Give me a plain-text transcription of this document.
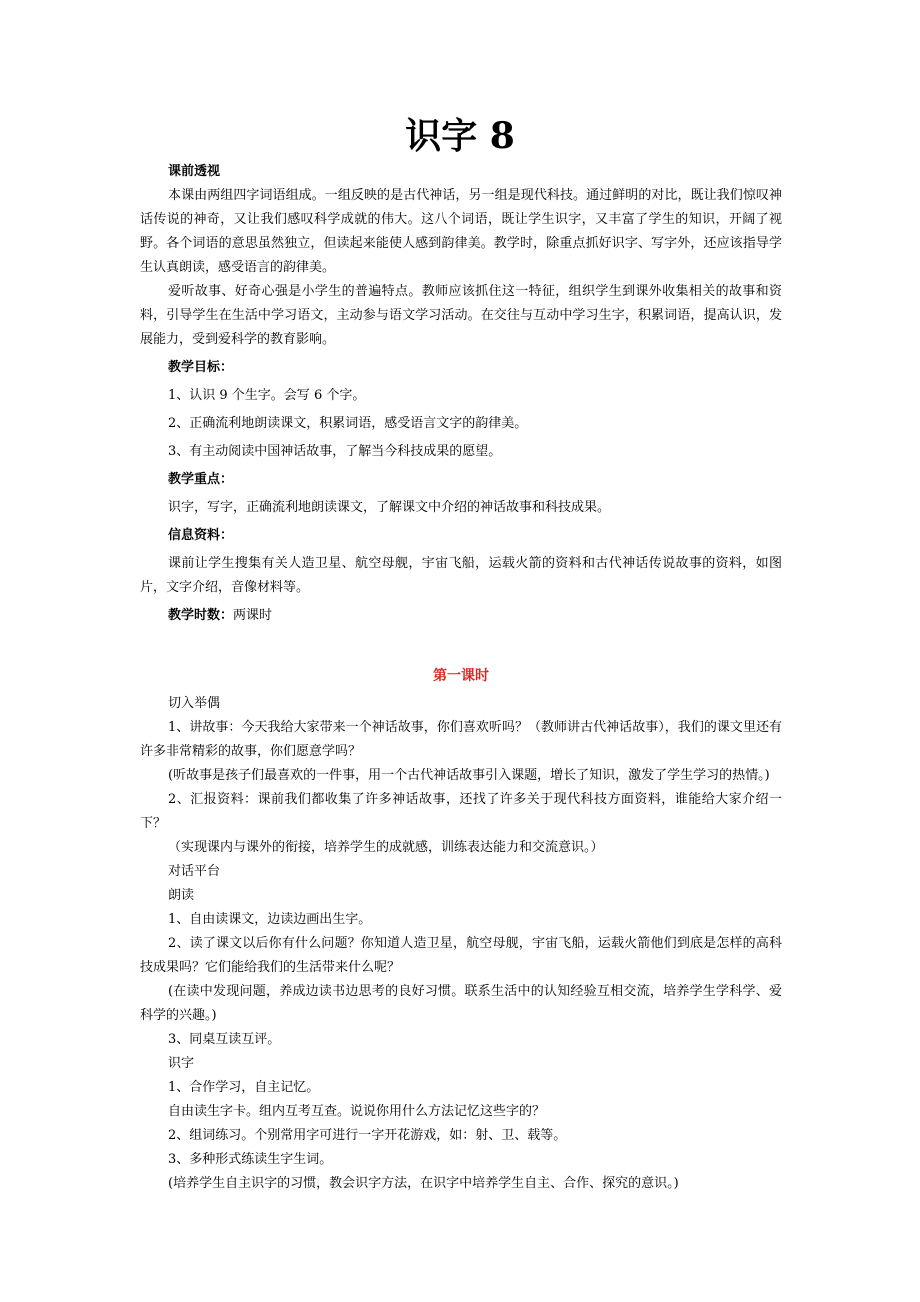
识字 8

课前透视

本课由两组四字词语组成。一组反映的是古代神话，另一组是现代科技。通过鲜明的对比，既让我们惊叹神话传说的神奇，又让我们感叹科学成就的伟大。这八个词语，既让学生识字，又丰富了学生的知识，开阔了视野。各个词语的意思虽然独立，但读起来能使人感到韵律美。教学时，除重点抓好识字、写字外，还应该指导学生认真朗读，感受语言的韵律美。

爱听故事、好奇心强是小学生的普遍特点。教师应该抓住这一特征，组织学生到课外收集相关的故事和资料，引导学生在生活中学习语文，主动参与语文学习活动。在交往与互动中学习生字，积累词语，提高认识，发展能力，受到爱科学的教育影响。

教学目标：

1、认识 9 个生字。会写 6 个字。

2、正确流利地朗读课文，积累词语，感受语言文字的韵律美。

3、有主动阅读中国神话故事，了解当今科技成果的愿望。

教学重点：

识字，写字，正确流利地朗读课文，了解课文中介绍的神话故事和科技成果。

信息资料：

课前让学生搜集有关人造卫星、航空母舰，宇宙飞船，运载火箭的资料和古代神话传说故事的资料，如图片，文字介绍，音像材料等。

教学时数：两课时

第一课时

切入举偶

1、讲故事：今天我给大家带来一个神话故事，你们喜欢听吗？（教师讲古代神话故事），我们的课文里还有许多非常精彩的故事，你们愿意学吗？

(听故事是孩子们最喜欢的一件事，用一个古代神话故事引入课题，增长了知识，激发了学生学习的热情。)

2、汇报资料：课前我们都收集了许多神话故事，还找了许多关于现代科技方面资料，谁能给大家介绍一下？

（实现课内与课外的衔接，培养学生的成就感，训练表达能力和交流意识。）

对话平台

朗读

1、自由读课文，边读边画出生字。

2、读了课文以后你有什么问题？你知道人造卫星，航空母舰，宇宙飞船，运载火箭他们到底是怎样的高科技成果吗？它们能给我们的生活带来什么呢？

(在读中发现问题，养成边读书边思考的良好习惯。联系生活中的认知经验互相交流，培养学生学科学、爱科学的兴趣。)

3、同桌互读互评。

识字

1、合作学习，自主记忆。

自由读生字卡。组内互考互查。说说你用什么方法记忆这些字的？

2、组词练习。个别常用字可进行一字开花游戏，如：射、卫、载等。

3、多种形式练读生字生词。

(培养学生自主识字的习惯，教会识字方法，在识字中培养学生自主、合作、探究的意识。)
